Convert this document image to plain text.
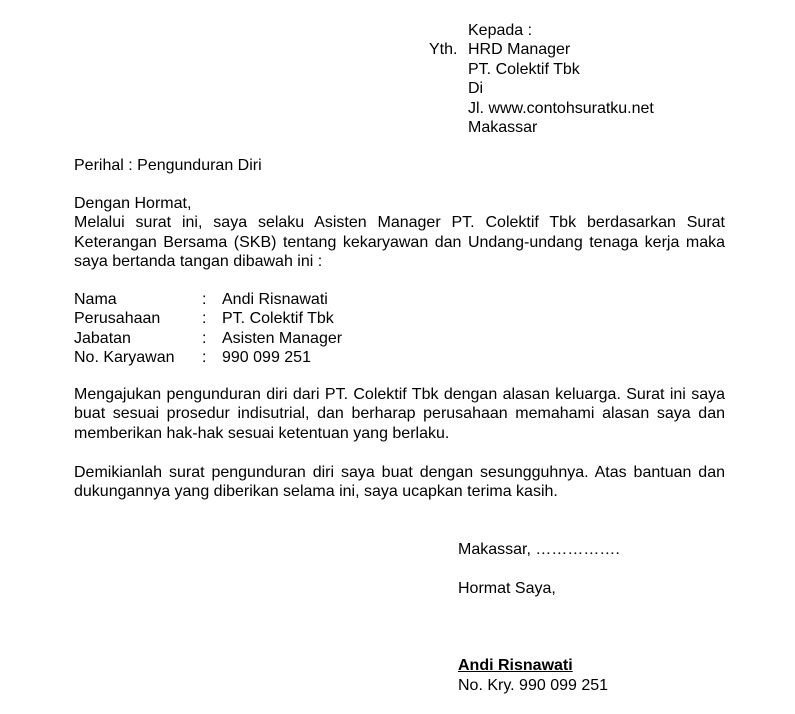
Yth.
Kepada :
HRD Manager
PT. Colektif Tbk
Di
Jl. www.contohsuratku.net
Makassar
Perihal : Pengunduran Diri
Dengan Hormat,
Melalui surat ini, saya selaku Asisten Manager PT. Colektif Tbk berdasarkan Surat Keterangan Bersama (SKB) tentang kekaryawan dan Undang-undang tenaga kerja maka saya bertanda tangan dibawah ini :
Nama	:	Andi Risnawati
Perusahaan	:	PT. Colektif Tbk
Jabatan	:	Asisten Manager
No. Karyawan	:	990 099 251
Mengajukan pengunduran diri dari PT. Colektif Tbk dengan alasan keluarga. Surat ini saya buat sesuai prosedur indisutrial, dan berharap perusahaan memahami alasan saya dan memberikan hak-hak sesuai ketentuan yang berlaku.
Demikianlah surat pengunduran diri saya buat dengan sesungguhnya. Atas bantuan dan dukungannya yang diberikan selama ini, saya ucapkan terima kasih.
Makassar, …………….
Hormat Saya,
Andi Risnawati
No. Kry. 990 099 251
